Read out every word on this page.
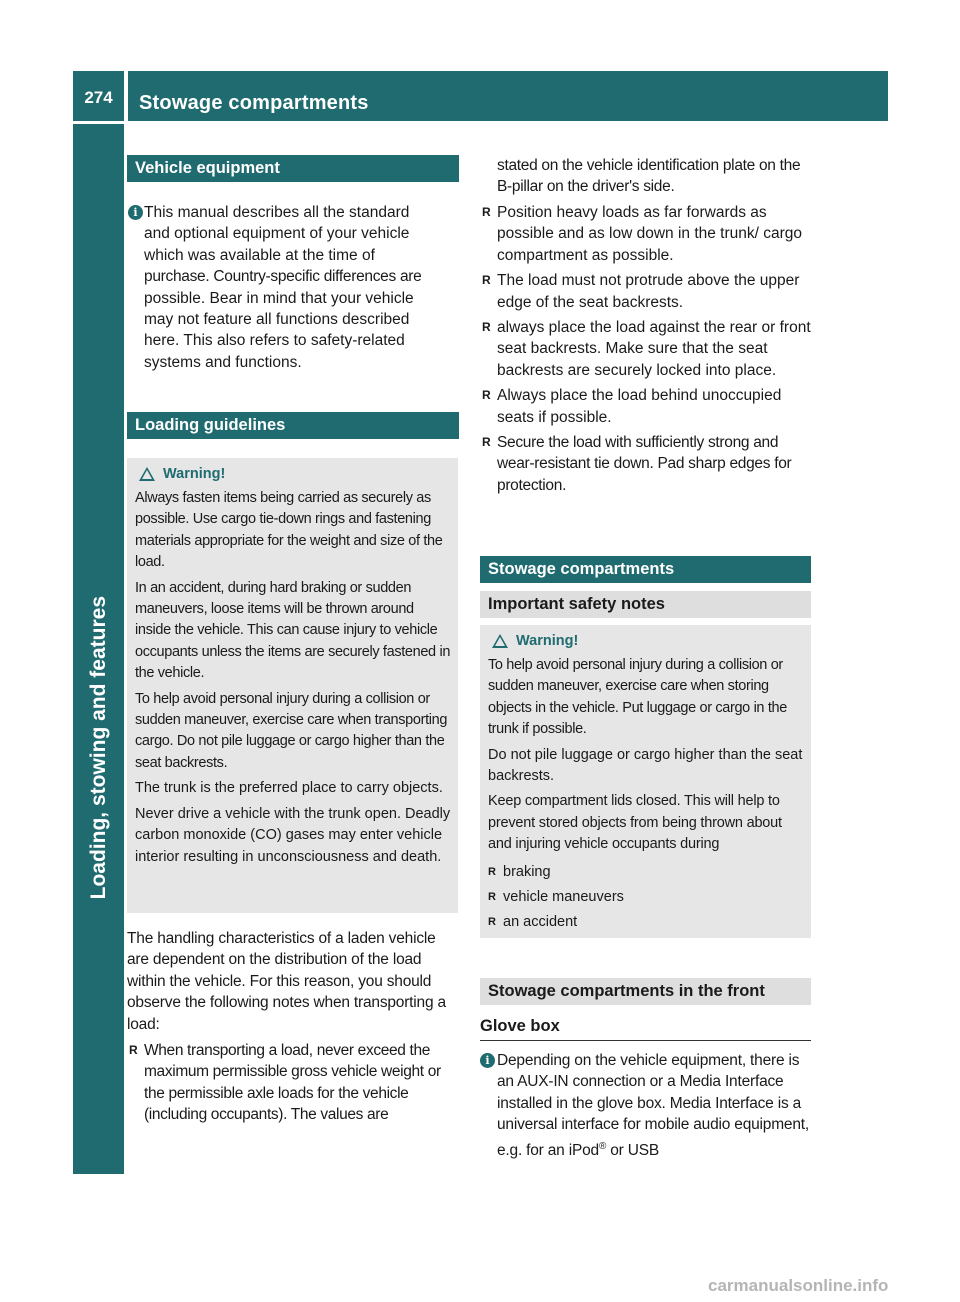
274	Stowage compartments
Loading, stowing and features
Vehicle equipment
i This manual describes all the standard
and optional equipment of your vehicle
which was available at the time of
purchase. Country-specific differences are
possible. Bear in mind that your vehicle
may not feature all functions described
here. This also refers to safety-related
systems and functions.
Loading guidelines
Warning!

Always fasten items being carried as securely as possible. Use cargo tie-down rings and fastening materials appropriate for the weight and size of the load.

In an accident, during hard braking or sudden maneuvers, loose items will be thrown around inside the vehicle. This can cause injury to vehicle occupants unless the items are securely fastened in the vehicle.

To help avoid personal injury during a collision or sudden maneuver, exercise care when transporting cargo. Do not pile luggage or cargo higher than the seat backrests.

The trunk is the preferred place to carry objects.

Never drive a vehicle with the trunk open. Deadly carbon monoxide (CO) gases may enter vehicle interior resulting in unconsciousness and death.

The handling characteristics of a laden vehicle are dependent on the distribution of the load within the vehicle. For this reason, you should observe the following notes when transporting a load:

R When transporting a load, never exceed the maximum permissible gross vehicle weight or the permissible axle loads for the vehicle (including occupants). The values are

stated on the vehicle identification plate on the B-pillar on the driver's side.

R Position heavy loads as far forwards as possible and as low down in the trunk/ cargo compartment as possible.
R The load must not protrude above the upper edge of the seat backrests.
R always place the load against the rear or front seat backrests. Make sure that the seat backrests are securely locked into place.
R Always place the load behind unoccupied seats if possible.
R Secure the load with sufficiently strong and wear-resistant tie down. Pad sharp edges for protection.
Stowage compartments
Important safety notes
Warning!

To help avoid personal injury during a collision or sudden maneuver, exercise care when storing objects in the vehicle. Put luggage or cargo in the trunk if possible.

Do not pile luggage or cargo higher than the seat backrests.

Keep compartment lids closed. This will help to prevent stored objects from being thrown about and injuring vehicle occupants during

R braking
R vehicle maneuvers
R an accident
Stowage compartments in the front
Glove box
i Depending on the vehicle equipment, there is an AUX-IN connection or a Media Interface installed in the glove box. Media Interface is a universal interface for mobile audio equipment, e.g. for an iPod® or USB

carmanualsonline.info
